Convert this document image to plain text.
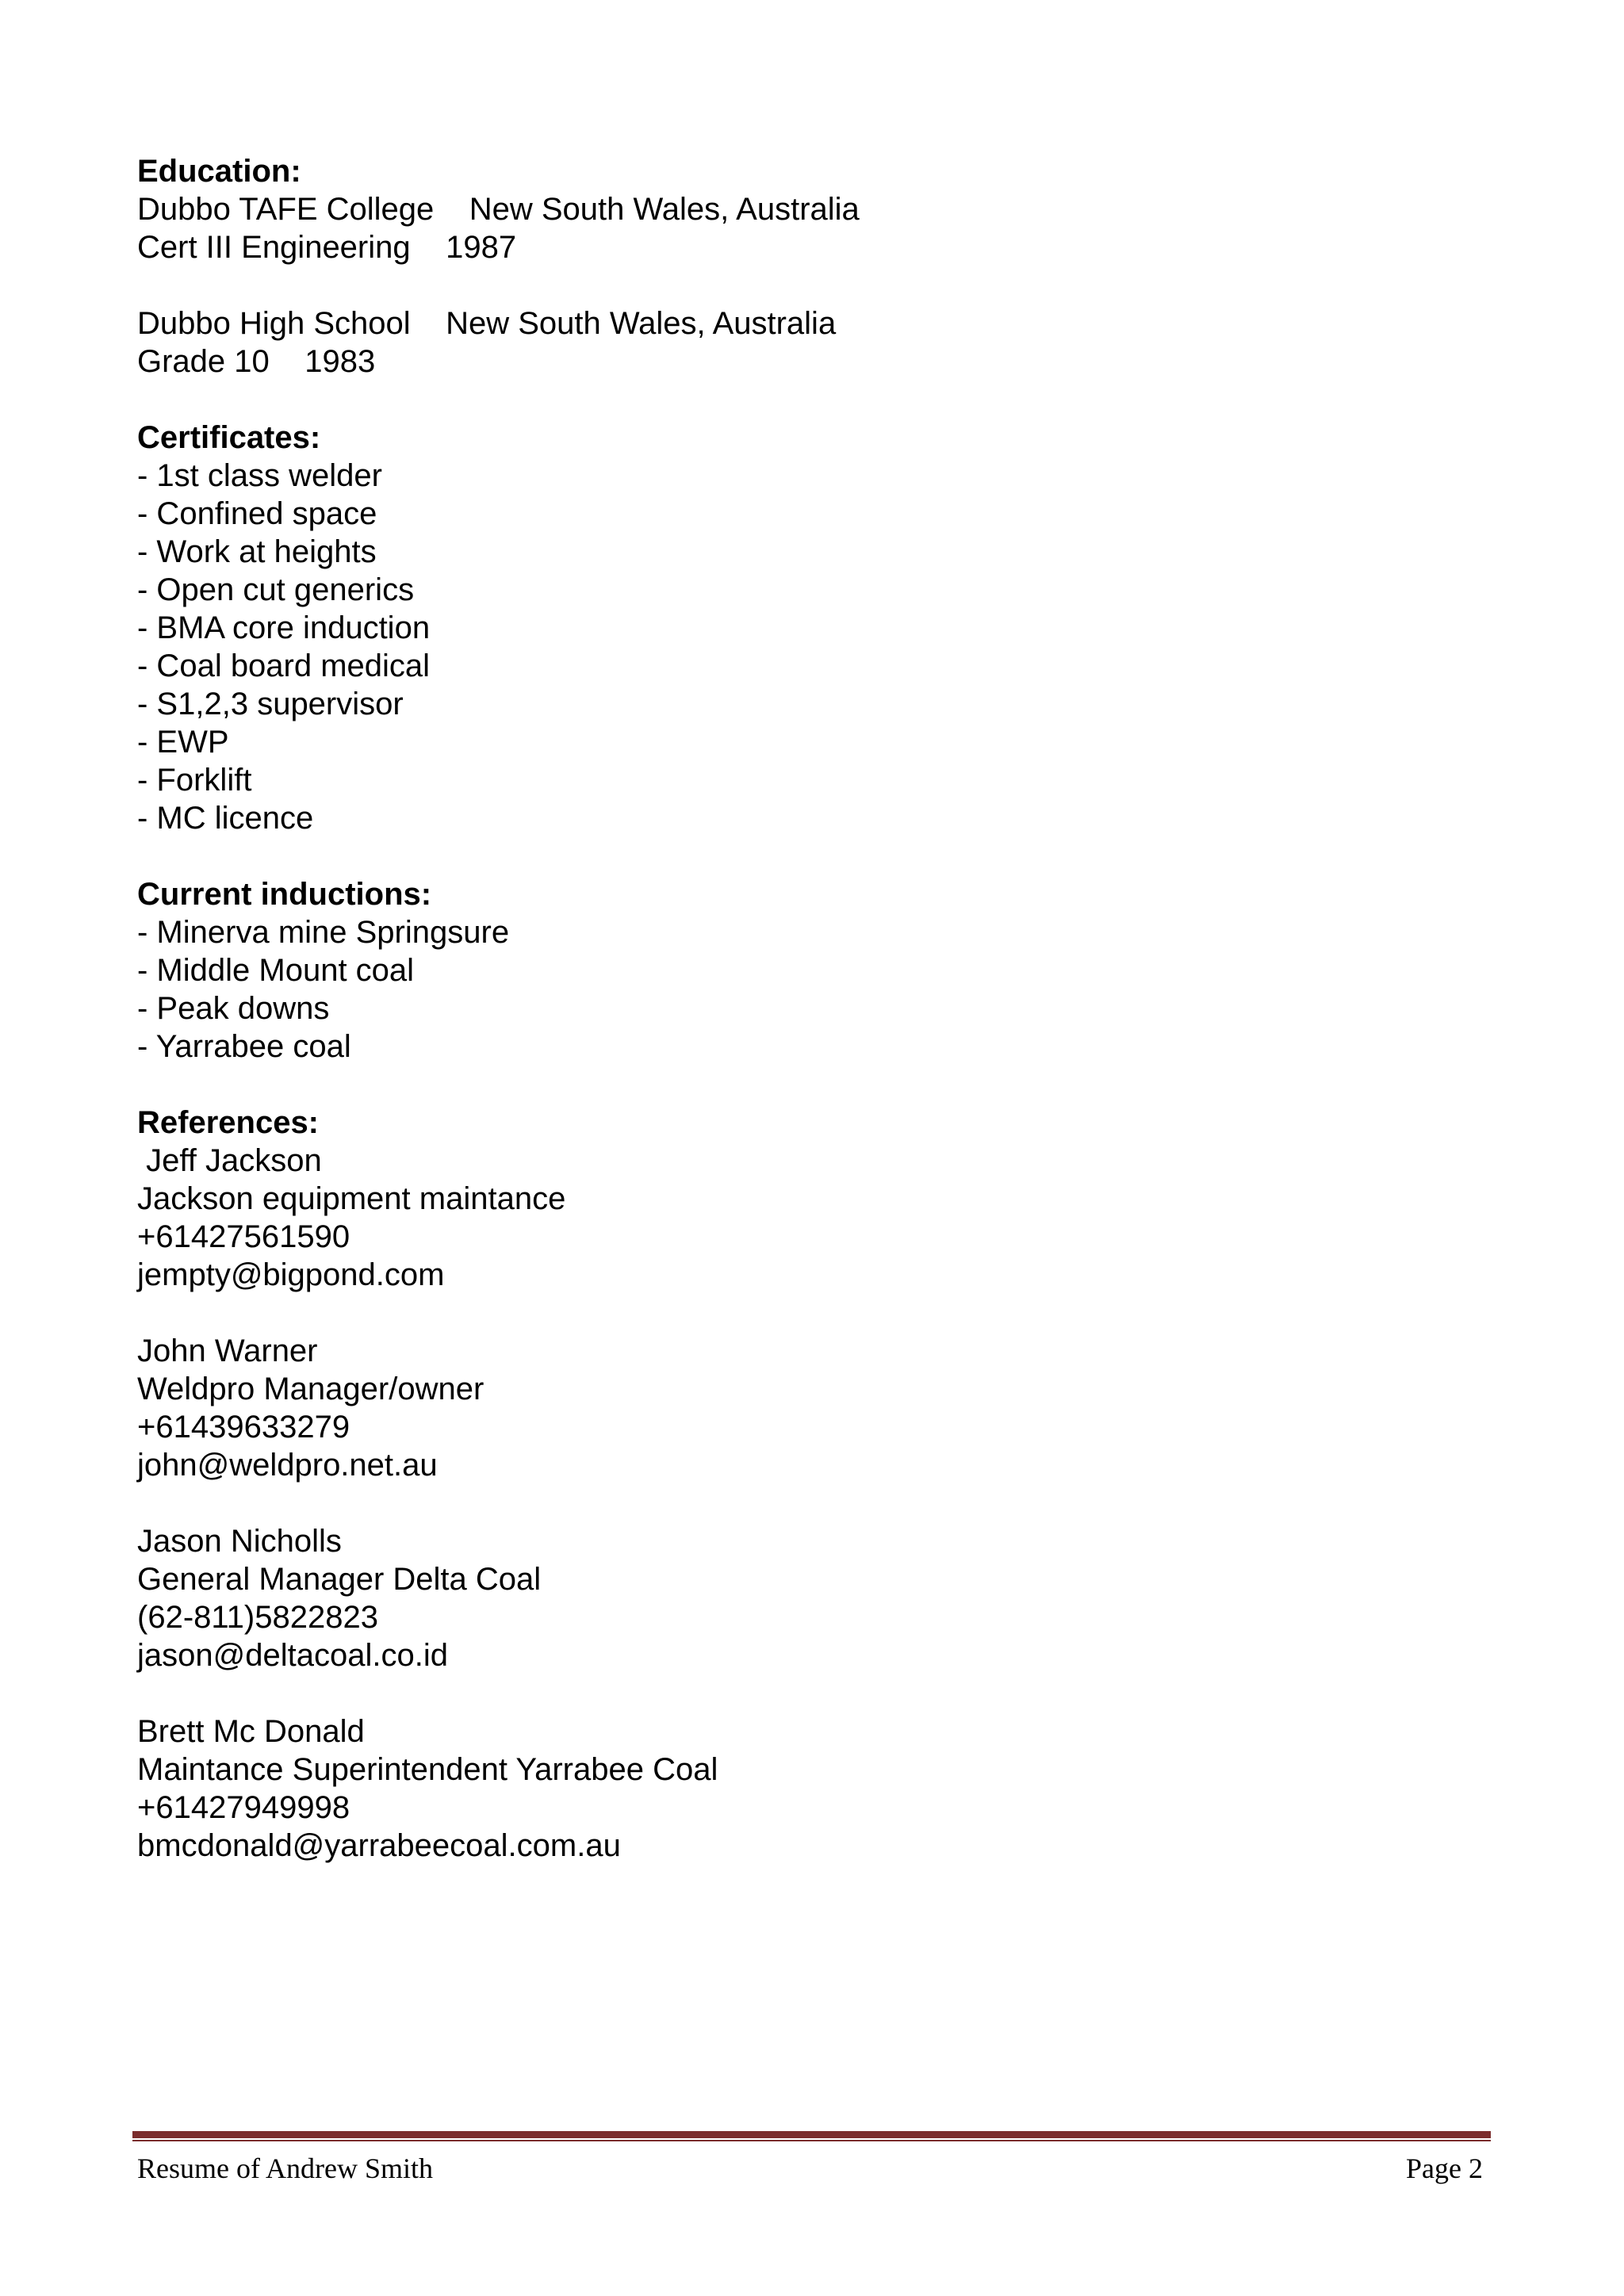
Education:
Dubbo TAFE College    New South Wales, Australia
Cert III Engineering    1987
Dubbo High School    New South Wales, Australia
Grade 10    1983
Certificates:
- 1st class welder
- Confined space
- Work at heights
- Open cut generics
- BMA core induction
- Coal board medical
- S1,2,3 supervisor
- EWP
- Forklift
- MC licence
Current inductions:
- Minerva mine Springsure
- Middle Mount coal
- Peak downs
- Yarrabee coal
References:
Jeff Jackson
Jackson equipment maintance
+61427561590
jempty@bigpond.com
John Warner
Weldpro Manager/owner
+61439633279
john@weldpro.net.au
Jason Nicholls
General Manager Delta Coal
(62-811)5822823
jason@deltacoal.co.id
Brett Mc Donald
Maintance Superintendent Yarrabee Coal
+61427949998
bmcdonald@yarrabeecoal.com.au
Resume of Andrew Smith	Page 2
